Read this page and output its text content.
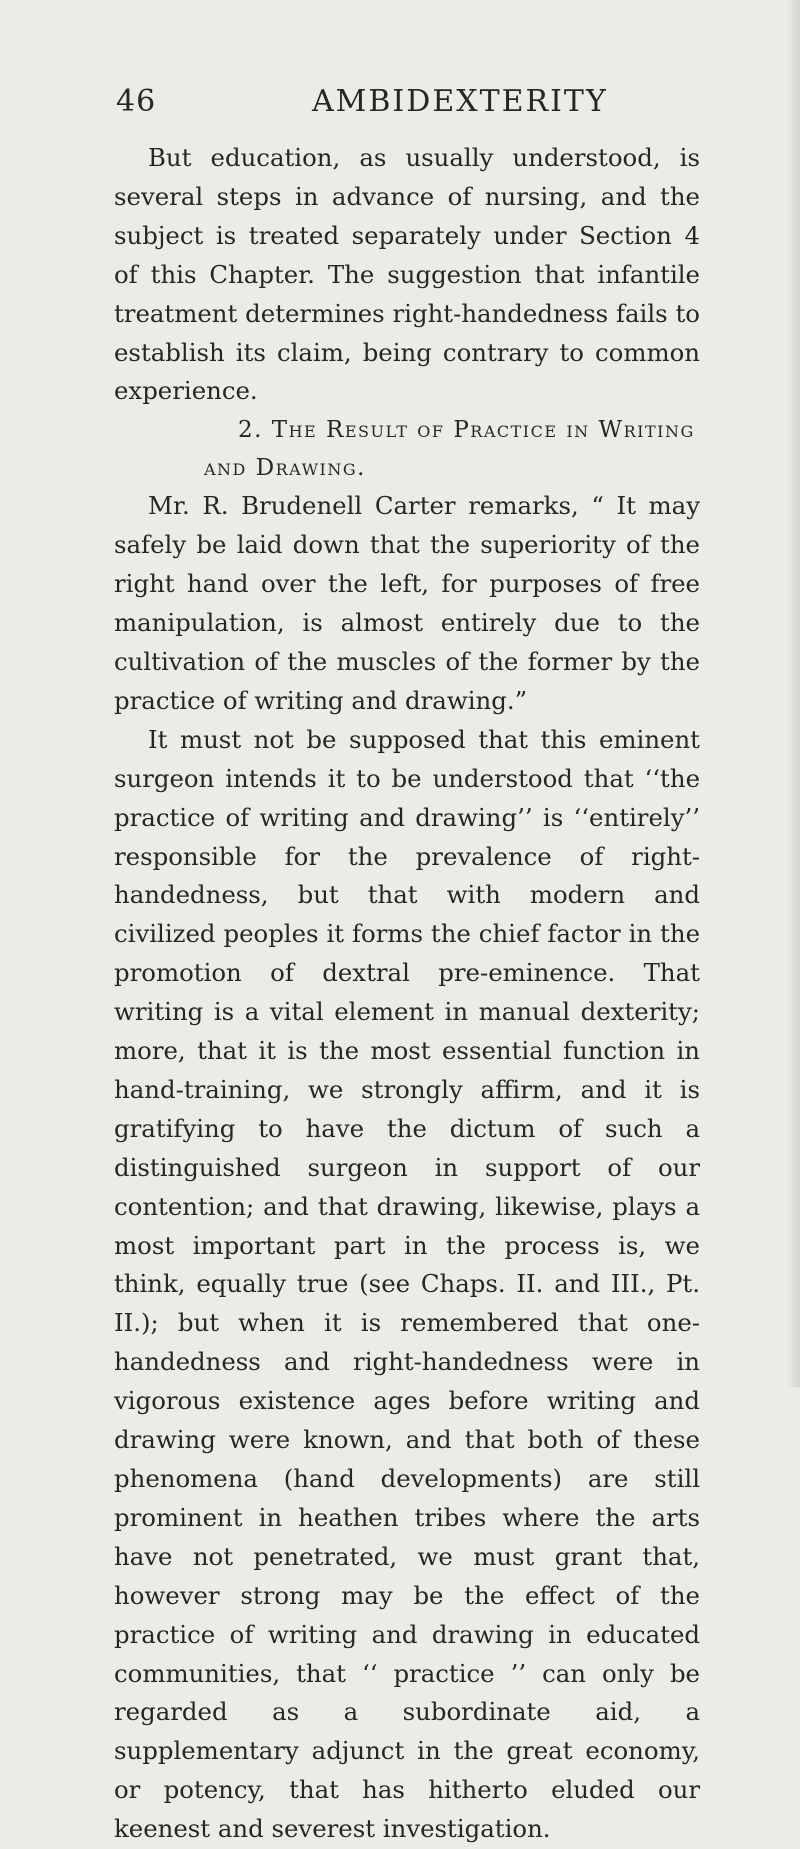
46	AMBIDEXTERITY

But education, as usually understood, is several steps in advance of nursing, and the subject is treated separately under Section 4 of this Chapter. The suggestion that infantile treatment determines right-handedness fails to establish its claim, being contrary to common experience.

2. The Result of Practice in Writing and Drawing.

Mr. R. Brudenell Carter remarks, “ It may safely be laid down that the superiority of the right hand over the left, for purposes of free manipulation, is almost entirely due to the cultivation of the muscles of the former by the practice of writing and drawing.”

It must not be supposed that this eminent surgeon intends it to be understood that ‘‘the practice of writing and drawing’’ is ‘‘entirely’’ responsible for the prevalence of right-handedness, but that with modern and civilized peoples it forms the chief factor in the promotion of dextral pre-eminence. That writing is a vital element in manual dexterity; more, that it is the most essential function in hand-training, we strongly affirm, and it is gratifying to have the dictum of such a distinguished surgeon in support of our contention; and that drawing, likewise, plays a most important part in the process is, we think, equally true (see Chaps. II. and III., Pt. II.); but when it is remembered that one-handedness and right-handedness were in vigorous existence ages before writing and drawing were known, and that both of these phenomena (hand developments) are still prominent in heathen tribes where the arts have not penetrated, we must grant that, however strong may be the effect of the practice of writing and drawing in educated communities, that ‘‘ practice ’’ can only be regarded as a subordinate aid, a supplementary adjunct in the great economy, or potency, that has hitherto eluded our keenest and severest investigation.
